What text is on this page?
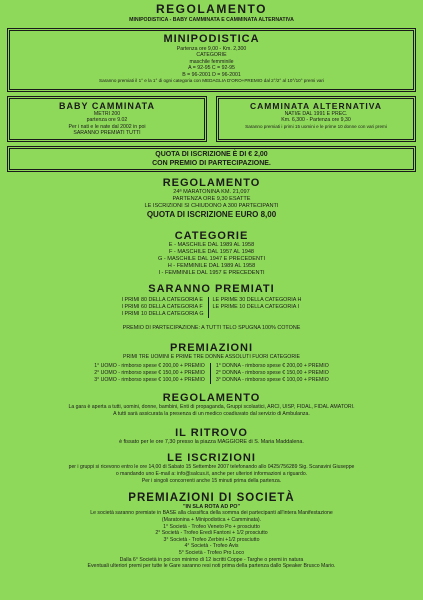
REGOLAMENTO
MINIPODISTICA - BABY CAMMINATA E CAMMINATA ALTERNATIVA
MINIPODISTICA
Partenza ore 9,00 - Km. 2,300
CATEGORIE
maschile femminile
A = 92-95 C = 92-95
B = 96-2001 D = 96-2001
Saranno premiati il 1° e la 1° di ogni categoria con MEDAGLIA D'ORO+PREMIO dal 2°/2° al 10°/10° premi vari
BABY CAMMINATA
METRI 200
partenza ore 9.02
Per i nati e le nate dal 2002 in poi
SARANNO PREMIATI TUTTI
CAMMINATA ALTERNATIVA
NATI/E DAL 1991 E PREC.
Km. 6,300 - Partenza ore 9,30
Saranno premiati i primi 15 uomini e le prime 10 donne con vari premi
QUOTA DI ISCRIZIONE È DI € 2,00
CON PREMIO DI PARTECIPAZIONE.
REGOLAMENTO
24ª MARATONINA KM. 21,097
PARTENZA ORE 9,30 ESATTE
LE ISCRIZIONI SI CHIUDONO A 300 PARTECIPANTI
QUOTA DI ISCRIZIONE EURO 8,00
CATEGORIE
E - MASCHILE DAL 1989 AL 1958
F - MASCHILE DAL 1957 AL 1948
G - MASCHILE DAL 1947 E PRECEDENTI
H - FEMMINILE DAL 1989 AL 1958
I - FEMMINILE DAL 1957 E PRECEDENTI
SARANNO PREMIATI
I PRIMI 80 DELLA CATEGORIA E
I PRIMI 60 DELLA CATEGORIA F
I PRIMI 10 DELLA CATEGORIA G
LE PRIME 30 DELLA CATEGORIA H
LE PRIME 10 DELLA CATEGORIA I
PREMIO DI PARTECIPAZIONE: A TUTTI TELO SPUGNA 100% COTONE
PREMIAZIONI
PRIMI TRE UOMINI E PRIME TRE DONNE ASSOLUTI FUORI CATEGORIE
1° UOMO - rimborso spese € 200,00 + PREMIO
2° UOMO - rimborso spese € 150,00 + PREMIO
3° UOMO - rimborso spese € 100,00 + PREMIO
1° DONNA - rimborso spese € 200,00 + PREMIO
2° DONNA - rimborso spese € 150,00 + PREMIO
3° DONNA - rimborso spese € 100,00 + PREMIO
REGOLAMENTO
La gara è aperta a tutti, uomini, donne, bambini, Enti di propaganda, Gruppi scolastici, ARCI, UISP, FIDAL, FIDAL AMATORI.
A tutti sarà assicurata la presenza di un medico coadiuvato dal servizio di Ambulanza.
IL RITROVO
è fissato per le ore 7,30 presso la piazza MAGGIORE di S. Maria Maddalena.
LE ISCRIZIONI
per i gruppi si ricevono entro le ore 14,00 di Sabato 15 Settembre 2007 telefonando allo 0425/756289 Sig. Scanavini Giuseppe
o mandando uno E-mail a: info@salcus.it, anche per ulteriori informazioni a riguardo.
Per i singoli concorrenti anche 15 minuti prima della partenza.
PREMIAZIONI DI SOCIETÀ
"IN SLA ROTA AD PO"
Le società saranno premiate in BASE alla classifica della somma dei partecipanti all'intera Manifestazione
(Maratonina + Minipodistica + Camminata).
1° Società - Trofeo Veneto Po + prosciutto
2° Società - Trofeo Eredi Fantoni + 1/2 prosciutto
3° Società - Trofeo Zerbini +1/2 prosciutto
4° Società - Trofeo Avis
5° Società - Trofeo Pro Loco
Dalla 6° Società in poi con minimo di 12 iscritti Coppe - Targhe o premi in natura
Eventuali ulteriori premi per tutte le Gare saranno resi noti prima della partenza dallo Speaker Brusco Mario.
